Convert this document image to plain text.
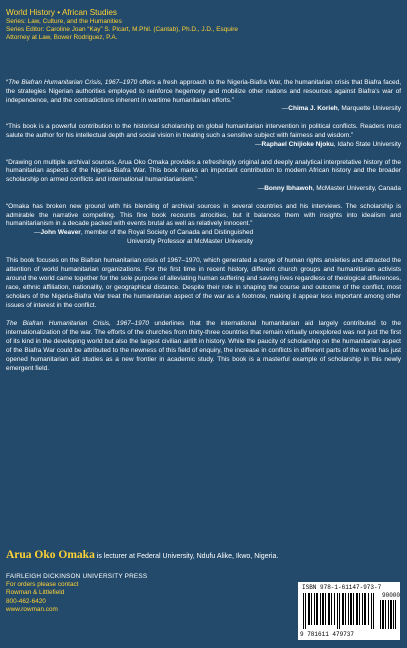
World History • African Studies
Series: Law, Culture, and the Humanities
Series Editor: Caroline Joan “Kay” S. Picart, M.Phil. (Cantab), Ph.D., J.D., Esquire
Attorney at Law, Bower Rodriguez, P.A.
“The Biafran Humanitarian Crisis, 1967–1970 offers a fresh approach to the Nigeria-Biafra War, the humanitarian crisis that Biafra faced, the strategies Nigerian authorities employed to reinforce hegemony and mobilize other nations and resources against Biafra’s war of independence, and the contradictions inherent in wartime humanitarian efforts.”
—Chima J. Korieh, Marquette University
“This book is a powerful contribution to the historical scholarship on global humanitarian intervention in political conflicts. Readers must salute the author for his intellectual depth and social vision in treating such a sensitive subject with fairness and wisdom.”
—Raphael Chijioke Njoku, Idaho State University
“Drawing on multiple archival sources, Arua Oko Omaka provides a refreshingly original and deeply analytical interpretative history of the humanitarian aspects of the Nigeria-Biafra War. This book marks an important contribution to modern African history and the broader scholarship on armed conflicts and international humanitarianism.”
—Bonny Ibhawoh, McMaster University, Canada
“Omaka has broken new ground with his blending of archival sources in several countries and his interviews. The scholarship is admirable the narrative compelling. This fine book recounts atrocities, but it balances them with insights into idealism and humanitarianism in a decade packed with events brutal as well as relatively innocent.”
—John Weaver, member of the Royal Society of Canada and Distinguished
University Professor at McMaster University
This book focuses on the Biafran humanitarian crisis of 1967–1970, which generated a surge of human rights anxieties and attracted the attention of world humanitarian organizations. For the first time in recent history, different church groups and humanitarian activists around the world came together for the sole purpose of alleviating human suffering and saving lives regardless of theological differences, race, ethnic affiliation, nationality, or geographical distance. Despite their role in shaping the course and outcome of the conflict, most scholars of the Nigeria-Biafra War treat the humanitarian aspect of the war as a footnote, making it appear less important among other issues of interest in the conflict.
The Biafran Humanitarian Crisis, 1967–1970 underlines that the international humanitarian aid largely contributed to the internationalization of the war. The efforts of the churches from thirty-three countries that remain virtually unexplored was not just the first of its kind in the developing world but also the largest civilian airlift in history. While the paucity of scholarship on the humanitarian aspect of the Biafra War could be attributed to the newness of this field of enquiry, the increase in conflicts in different parts of the world has just opened humanitarian aid studies as a new frontier in academic study. This book is a masterful example of scholarship in this newly emergent field.
Arua Oko Omaka is lecturer at Federal University, Ndufu Alike, Ikwo, Nigeria.
FAIRLEIGH DICKINSON UNIVERSITY PRESS
For orders please contact
Rowman & Littlefield
800-462-6420
www.rowman.com
ISBN 978-1-61147-973-7
90000
9 781611 479737
